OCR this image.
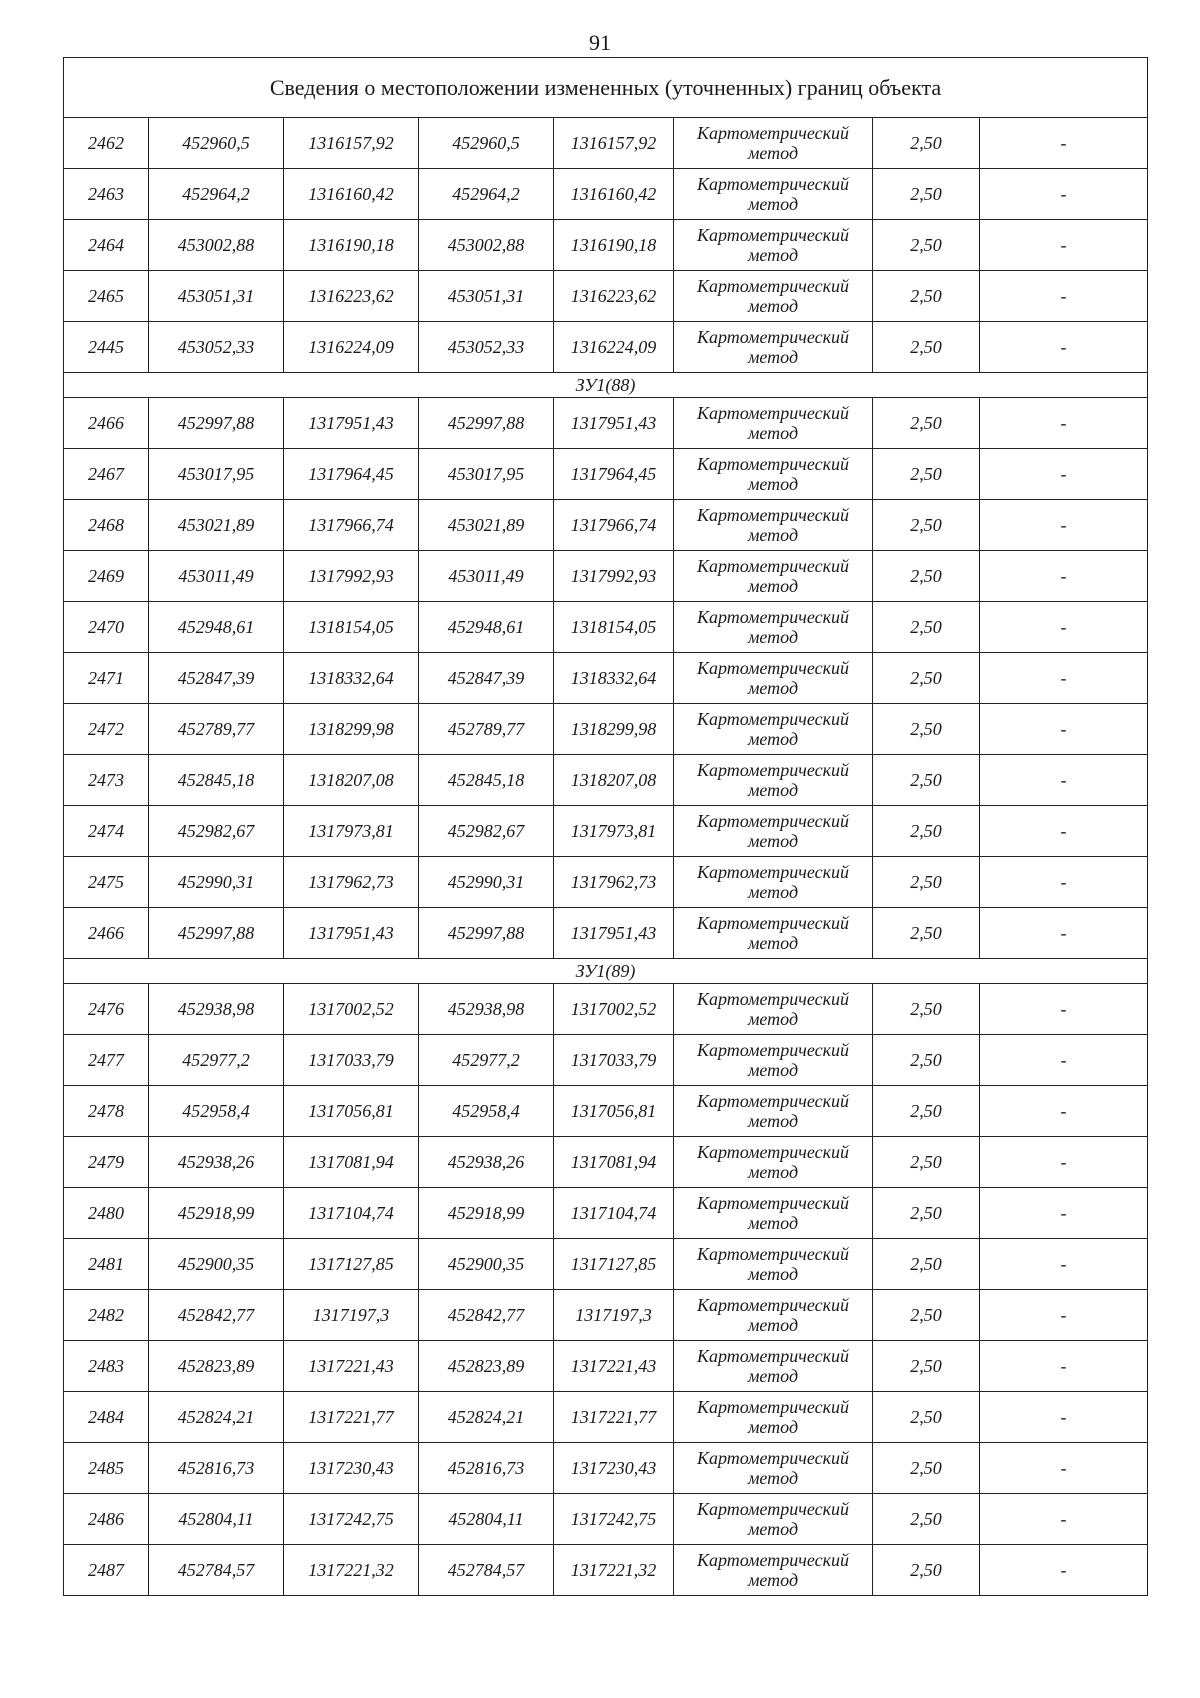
91
Сведения о местоположении измененных (уточненных) границ объекта							
2462	452960,5	1316157,92	452960,5	1316157,92	Картометрический метод	2,50	-
2463	452964,2	1316160,42	452964,2	1316160,42	Картометрический метод	2,50	-
2464	453002,88	1316190,18	453002,88	1316190,18	Картометрический метод	2,50	-
2465	453051,31	1316223,62	453051,31	1316223,62	Картометрический метод	2,50	-
2445	453052,33	1316224,09	453052,33	1316224,09	Картометрический метод	2,50	-
ЗУ1(88)							
2466	452997,88	1317951,43	452997,88	1317951,43	Картометрический метод	2,50	-
2467	453017,95	1317964,45	453017,95	1317964,45	Картометрический метод	2,50	-
2468	453021,89	1317966,74	453021,89	1317966,74	Картометрический метод	2,50	-
2469	453011,49	1317992,93	453011,49	1317992,93	Картометрический метод	2,50	-
2470	452948,61	1318154,05	452948,61	1318154,05	Картометрический метод	2,50	-
2471	452847,39	1318332,64	452847,39	1318332,64	Картометрический метод	2,50	-
2472	452789,77	1318299,98	452789,77	1318299,98	Картометрический метод	2,50	-
2473	452845,18	1318207,08	452845,18	1318207,08	Картометрический метод	2,50	-
2474	452982,67	1317973,81	452982,67	1317973,81	Картометрический метод	2,50	-
2475	452990,31	1317962,73	452990,31	1317962,73	Картометрический метод	2,50	-
2466	452997,88	1317951,43	452997,88	1317951,43	Картометрический метод	2,50	-
ЗУ1(89)							
2476	452938,98	1317002,52	452938,98	1317002,52	Картометрический метод	2,50	-
2477	452977,2	1317033,79	452977,2	1317033,79	Картометрический метод	2,50	-
2478	452958,4	1317056,81	452958,4	1317056,81	Картометрический метод	2,50	-
2479	452938,26	1317081,94	452938,26	1317081,94	Картометрический метод	2,50	-
2480	452918,99	1317104,74	452918,99	1317104,74	Картометрический метод	2,50	-
2481	452900,35	1317127,85	452900,35	1317127,85	Картометрический метод	2,50	-
2482	452842,77	1317197,3	452842,77	1317197,3	Картометрический метод	2,50	-
2483	452823,89	1317221,43	452823,89	1317221,43	Картометрический метод	2,50	-
2484	452824,21	1317221,77	452824,21	1317221,77	Картометрический метод	2,50	-
2485	452816,73	1317230,43	452816,73	1317230,43	Картометрический метод	2,50	-
2486	452804,11	1317242,75	452804,11	1317242,75	Картометрический метод	2,50	-
2487	452784,57	1317221,32	452784,57	1317221,32	Картометрический метод	2,50	-
